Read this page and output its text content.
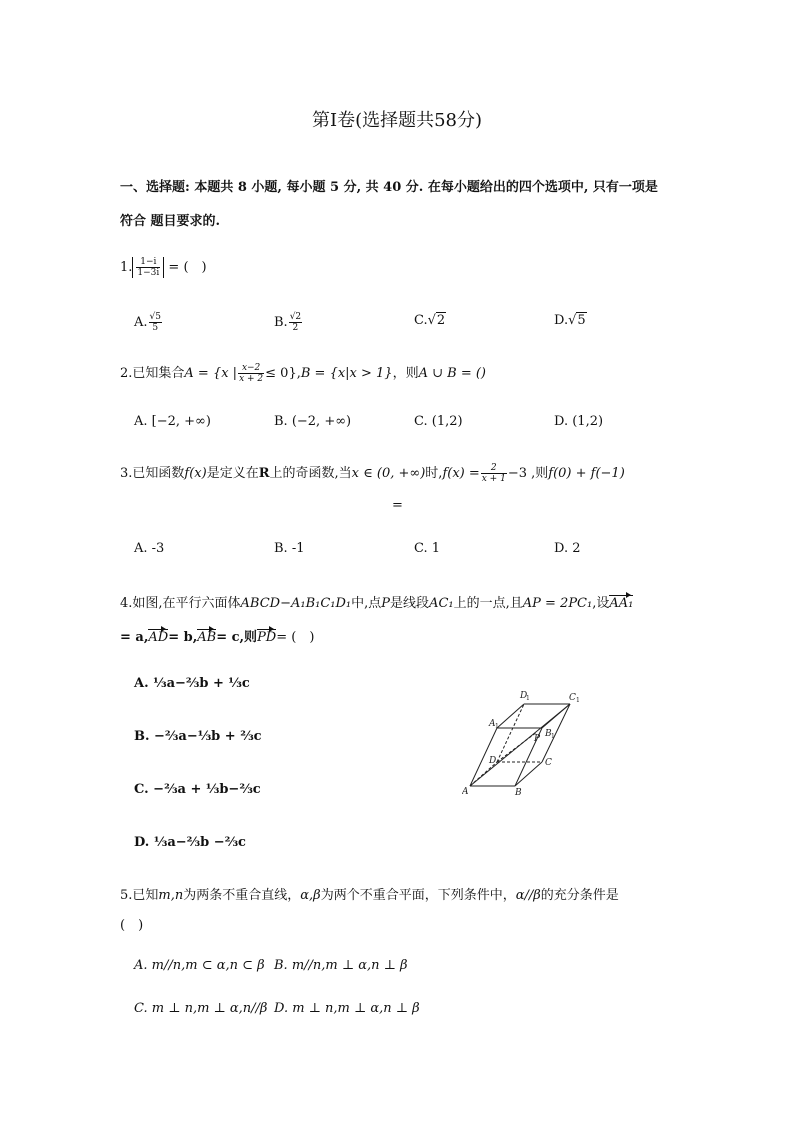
第Ⅰ卷(选择题共58分)
一、选择题: 本题共 8 小题, 每小题 5 分, 共 40 分. 在每小题给出的四个选项中, 只有一项是
符合 题目要求的.
1. $\frac{1-i}{1-3i}$ = (　)
A. $\frac{√5}{5}$	B. $\frac{√2}{2}$	C.√2	D.√5
2.已知集合A = {x | $\frac{x-2}{x + 2} \le 0\},B = \{x|x > 1\}$，则A ∪ B = ()
A. [−2, +∞)	B. (−2, +∞)	C. (1,2)	D. (1,2)
3.已知函数f(x)是定义在R上的奇函数,当x ∈ (0, +∞)时$,f(x) = \frac{2}{x + 1} -3$ ,则f(0) + f(−1)
=
A. -3	B. -1	C. 1	D. 2
4.如图,在平行六面体ABCD−A₁B₁C₁D₁中,点P是线段AC₁上的一点,且AP = 2PC₁,设AA₁
= a,AD= b,AB= c,则PD= (　)
A. ⅓a−⅔b + ⅓c
B. −⅔a−⅓b + ⅔c
C. −⅔a + ⅓b−⅔c
D. ⅓a−⅔b −⅔c
A	B
C
D
A
B
C
D
P
1
1
1
1
5.已知m,n为两条不重合直线，α,β为两个不重合平面，下列条件中，α//β的充分条件是
(　)
A. m//n,m ⊂ α,n ⊂ β B. m//n,m ⊥ α,n ⊥ β
C. m ⊥ n,m ⊥ α,n//β D. m ⊥ n,m ⊥ α,n ⊥ β
